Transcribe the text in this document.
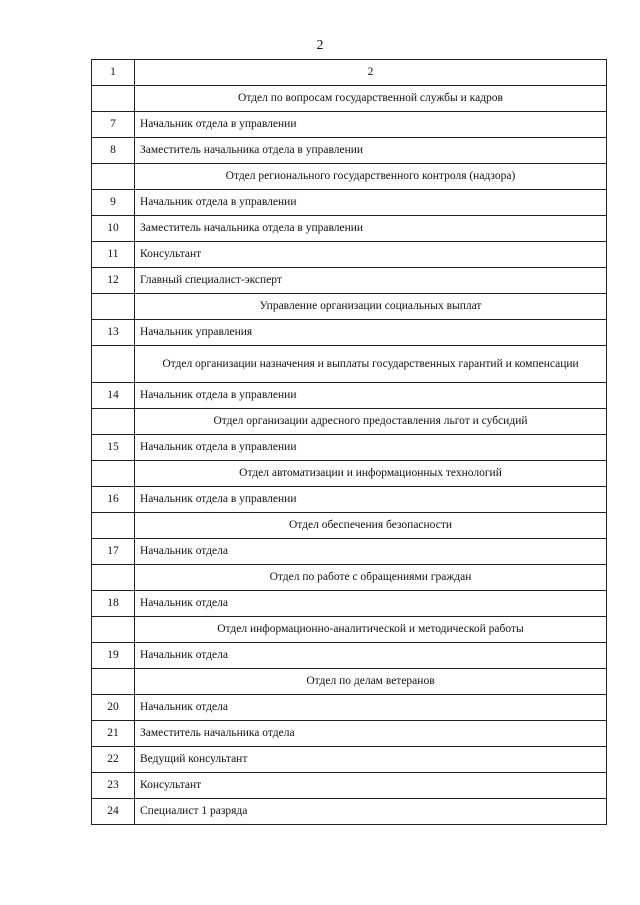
2
1	2
	Отдел по вопросам государственной службы и кадров
7	Начальник отдела в управлении
8	Заместитель начальника отдела в управлении
	Отдел регионального государственного контроля (надзора)
9	Начальник отдела в управлении
10	Заместитель начальника отдела в управлении
11	Консультант
12	Главный специалист-эксперт
	Управление организации социальных выплат
13	Начальник управления
	Отдел организации назначения и выплаты государственных гарантий и компенсации
14	Начальник отдела в управлении
	Отдел организации адресного предоставления льгот и субсидий
15	Начальник отдела в управлении
	Отдел автоматизации и информационных технологий
16	Начальник отдела в управлении
	Отдел обеспечения безопасности
17	Начальник отдела
	Отдел по работе с обращениями граждан
18	Начальник отдела
	Отдел информационно-аналитической и методической работы
19	Начальник отдела
	Отдел по делам ветеранов
20	Начальник отдела
21	Заместитель начальника отдела
22	Ведущий консультант
23	Консультант
24	Специалист 1 разряда
